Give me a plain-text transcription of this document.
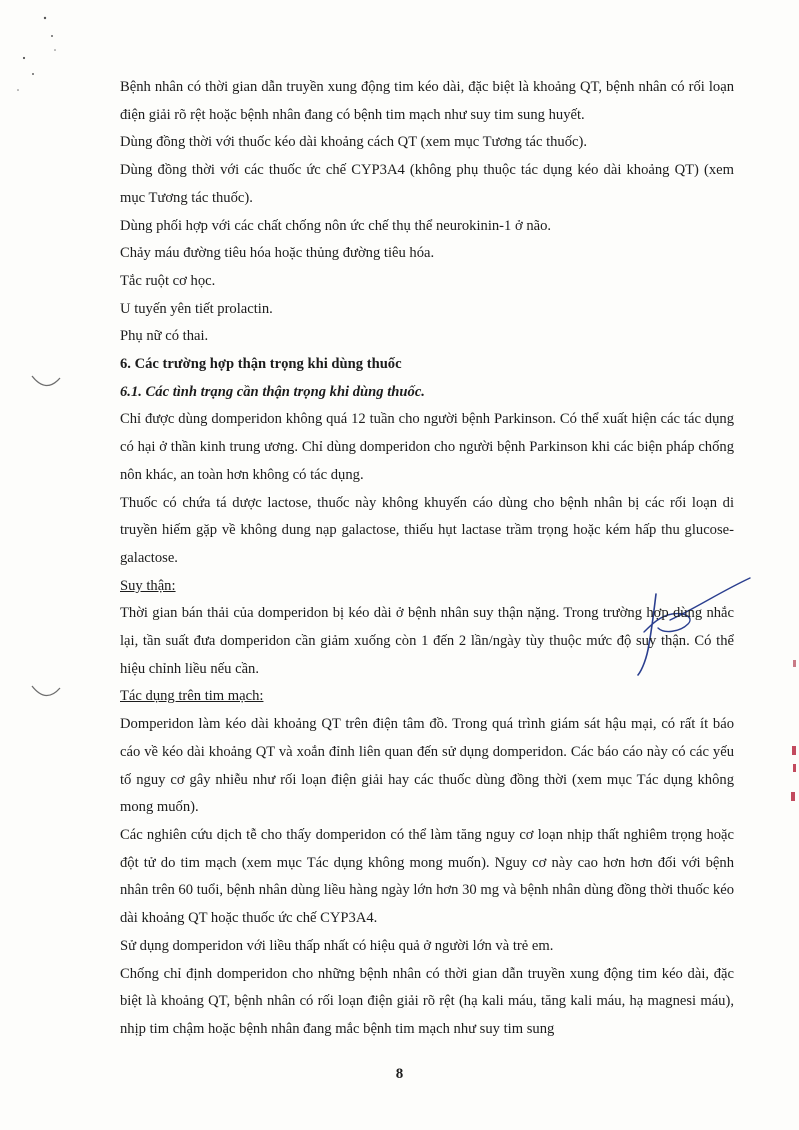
Bệnh nhân có thời gian dẫn truyền xung động tim kéo dài, đặc biệt là khoảng QT, bệnh nhân có rối loạn điện giải rõ rệt hoặc bệnh nhân đang có bệnh tim mạch như suy tim sung huyết.

Dùng đồng thời với thuốc kéo dài khoảng cách QT (xem mục Tương tác thuốc).

Dùng đồng thời với các thuốc ức chế CYP3A4 (không phụ thuộc tác dụng kéo dài khoảng QT) (xem mục Tương tác thuốc).

Dùng phối hợp với các chất chống nôn ức chế thụ thể neurokinin-1 ở não.

Chảy máu đường tiêu hóa hoặc thủng đường tiêu hóa.

Tắc ruột cơ học.

U tuyến yên tiết prolactin.

Phụ nữ có thai.

6. Các trường hợp thận trọng khi dùng thuốc

6.1. Các tình trạng cần thận trọng khi dùng thuốc.

Chỉ được dùng domperidon không quá 12 tuần cho người bệnh Parkinson. Có thể xuất hiện các tác dụng có hại ở thần kinh trung ương. Chỉ dùng domperidon cho người bệnh Parkinson khi các biện pháp chống nôn khác, an toàn hơn không có tác dụng.

Thuốc có chứa tá dược lactose, thuốc này không khuyến cáo dùng cho bệnh nhân bị các rối loạn di truyền hiếm gặp về không dung nạp galactose, thiếu hụt lactase trầm trọng hoặc kém hấp thu glucose-galactose.

Suy thận:

Thời gian bán thải của domperidon bị kéo dài ở bệnh nhân suy thận nặng. Trong trường hợp dùng nhắc lại, tần suất đưa domperidon cần giảm xuống còn 1 đến 2 lần/ngày tùy thuộc mức độ suy thận. Có thể hiệu chỉnh liều nếu cần.

Tác dụng trên tim mạch:

Domperidon làm kéo dài khoảng QT trên điện tâm đồ. Trong quá trình giám sát hậu mại, có rất ít báo cáo về kéo dài khoảng QT và xoắn đỉnh liên quan đến sử dụng domperidon. Các báo cáo này có các yếu tố nguy cơ gây nhiễu như rối loạn điện giải hay các thuốc dùng đồng thời (xem mục Tác dụng không mong muốn).

Các nghiên cứu dịch tễ cho thấy domperidon có thể làm tăng nguy cơ loạn nhịp thất nghiêm trọng hoặc đột tử do tim mạch (xem mục Tác dụng không mong muốn). Nguy cơ này cao hơn hơn đối với bệnh nhân trên 60 tuổi, bệnh nhân dùng liều hàng ngày lớn hơn 30 mg và bệnh nhân dùng đồng thời thuốc kéo dài khoảng QT hoặc thuốc ức chế CYP3A4.

Sử dụng domperidon với liều thấp nhất có hiệu quả ở người lớn và trẻ em.

Chống chỉ định domperidon cho những bệnh nhân có thời gian dẫn truyền xung động tim kéo dài, đặc biệt là khoảng QT, bệnh nhân có rối loạn điện giải rõ rệt (hạ kali máu, tăng kali máu, hạ magnesi máu), nhịp tim chậm hoặc bệnh nhân đang mắc bệnh tim mạch như suy tim sung

8
